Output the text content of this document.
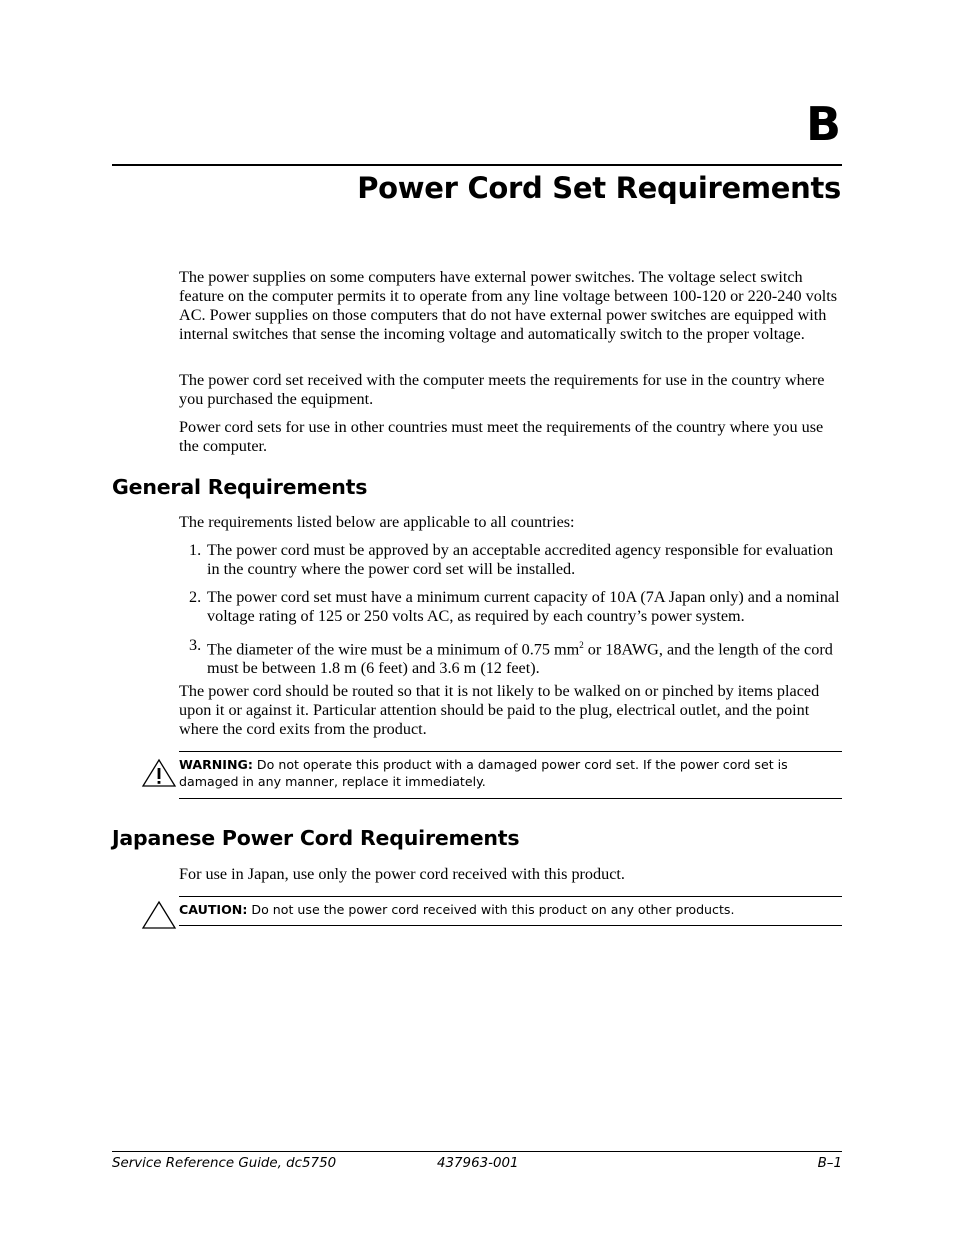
B
Power Cord Set Requirements

The power supplies on some computers have external power switches. The voltage select switch feature on the computer permits it to operate from any line voltage between 100-120 or 220-240 volts AC. Power supplies on those computers that do not have external power switches are equipped with internal switches that sense the incoming voltage and automatically switch to the proper voltage.

The power cord set received with the computer meets the requirements for use in the country where you purchased the equipment.

Power cord sets for use in other countries must meet the requirements of the country where you use the computer.

General Requirements

The requirements listed below are applicable to all countries:

1. The power cord must be approved by an acceptable accredited agency responsible for evaluation in the country where the power cord set will be installed.
2. The power cord set must have a minimum current capacity of 10A (7A Japan only) and a nominal voltage rating of 125 or 250 volts AC, as required by each country’s power system.
3. The diameter of the wire must be a minimum of 0.75 $mm^2$ or 18AWG, and the length of the cord must be between 1.8 m (6 feet) and 3.6 m (12 feet).

The power cord should be routed so that it is not likely to be walked on or pinched by items placed upon it or against it. Particular attention should be paid to the plug, electrical outlet, and the point where the cord exits from the product.

WARNING: Do not operate this product with a damaged power cord set. If the power cord set is damaged in any manner, replace it immediately.
Japanese Power Cord Requirements

For use in Japan, use only the power cord received with this product.

CAUTION: Do not use the power cord received with this product on any other products.
Service Reference Guide, dc5750	437963-001	B–1
